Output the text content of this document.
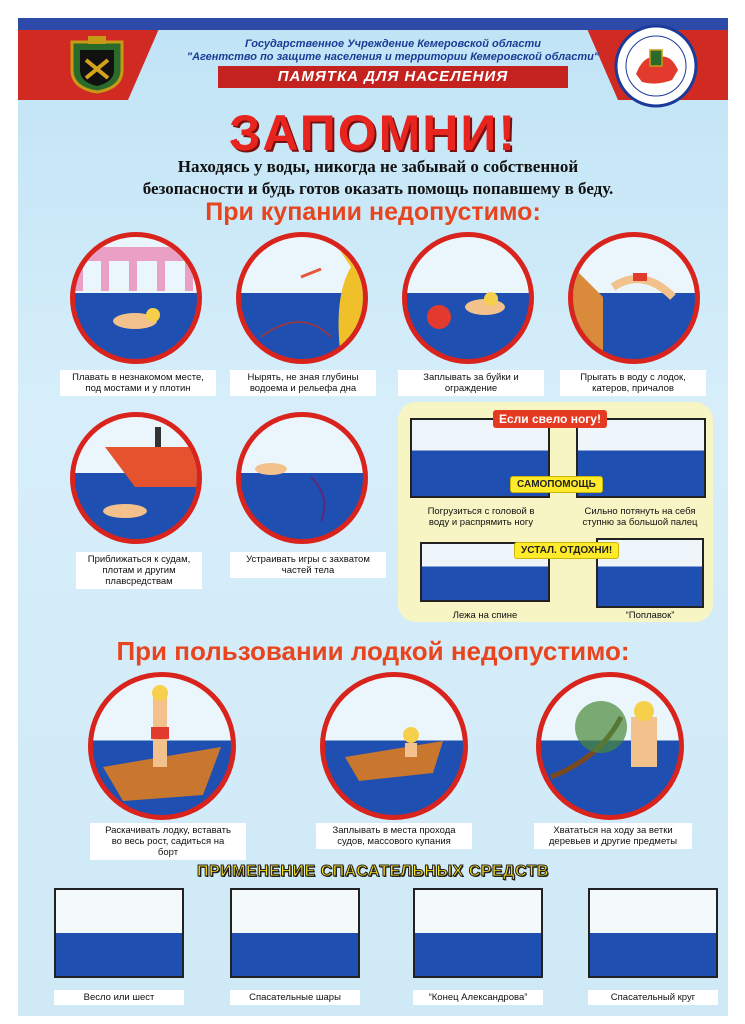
Государственное Учреждение Кемеровской области
"Агентство по защите населения и территории Кемеровской области"
ПАМЯТКА ДЛЯ НАСЕЛЕНИЯ
ЗАПОМНИ!
Находясь у воды, никогда не забывай о собственной
безопасности и будь готов оказать помощь попавшему в беду.
При купании недопустимо:
Плавать в незнакомом месте,
под мостами и у плотин
Нырять, не зная глубины
водоема и рельефа дна
Заплывать за буйки и
ограждение
Прыгать в воду с лодок,
катеров, причалов
Приближаться к судам,
плотам и другим
плавсредствам
Устраивать игры с захватом
частей тела
Если свело ногу!
САМОПОМОЩЬ
Погрузиться с головой в
воду и распрямить ногу
Сильно потянуть на себя
ступню за большой палец
УСТАЛ. ОТДОХНИ!
Лежа на спине	“Поплавок”
При пользовании лодкой недопустимо:
Раскачивать лодку, вставать
во весь рост, садиться на
борт
Заплывать в места прохода
судов, массового купания
Хвататься на ходу за ветки
деревьев и другие предметы
ПРИМЕНЕНИЕ СПАСАТЕЛЬНЫХ СРЕДСТВ
Весло или шест	Спасательные шары	“Конец Александрова”	Спасательный круг
